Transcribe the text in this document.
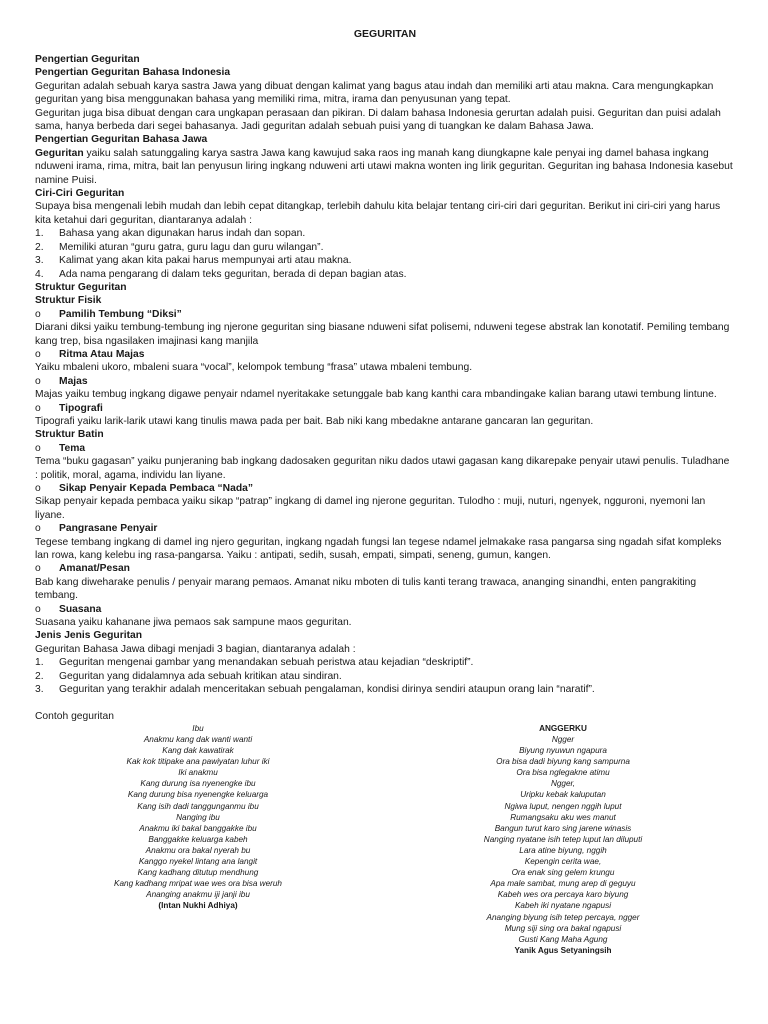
GEGURITAN
Pengertian Geguritan
Pengertian Geguritan Bahasa Indonesia
Geguritan adalah sebuah karya sastra Jawa yang dibuat dengan kalimat yang bagus atau indah dan memiliki arti atau makna. Cara mengungkapkan geguritan yang bisa menggunakan bahasa yang memiliki rima, mitra, irama dan penyusunan yang tepat.
Geguritan juga bisa dibuat dengan cara ungkapan perasaan dan pikiran. Di dalam bahasa Indonesia gerurtan adalah puisi. Geguritan dan puisi adalah sama, hanya berbeda dari segei bahasanya. Jadi geguritan adalah sebuah puisi yang di tuangkan ke dalam Bahasa Jawa.
Pengertian Geguritan Bahasa Jawa
Geguritan yaiku salah satunggaling karya sastra Jawa kang kawujud saka raos ing manah kang diungkapne kale penyai ing damel bahasa ingkang nduweni irama, rima, mitra, bait lan penyusun liring ingkang nduweni arti utawi makna wonten ing lirik geguritan. Geguritan ing bahasa Indonesia kasebut namine Puisi.
Ciri-Ciri Geguritan
Supaya bisa mengenali lebih mudah dan lebih cepat ditangkap, terlebih dahulu kita belajar tentang ciri-ciri dari geguritan. Berikut ini ciri-ciri yang harus kita ketahui dari geguritan, diantaranya adalah :
1.	Bahasa yang akan digunakan harus indah dan sopan.
2.	Memiliki aturan “guru gatra, guru lagu dan guru wilangan”.
3.	Kalimat yang akan kita pakai harus mempunyai arti atau makna.
4.	Ada nama pengarang di dalam teks geguritan, berada di depan bagian atas.
Struktur Geguritan
Struktur Fisik
o	Pamilih Tembung “Diksi”
Diarani diksi yaiku tembung-tembung ing njerone geguritan sing biasane nduweni sifat polisemi, nduweni tegese abstrak lan konotatif. Pemiling tembang kang trep, bisa ngasilaken imajinasi kang manjila
o	Ritma Atau Majas
Yaiku mbaleni ukoro, mbaleni suara “vocal”, kelompok tembung “frasa” utawa mbaleni tembung.
o	Majas
Majas yaiku tembug ingkang digawe penyair ndamel nyeritakake setunggale bab kang kanthi cara mbandingake kalian barang utawi tembung lintune.
o	Tipografi
Tipografi yaiku larik-larik utawi kang tinulis mawa pada per bait. Bab niki kang mbedakne antarane gancaran lan geguritan.
Struktur Batin
o	Tema
Tema “buku gagasan” yaiku punjeraning bab ingkang dadosaken geguritan niku dados utawi gagasan kang dikarepake penyair utawi penulis. Tuladhane : politik, moral, agama, individu lan liyane.
o	Sikap Penyair Kepada Pembaca “Nada”
Sikap penyair kepada pembaca yaiku sikap “patrap” ingkang di damel ing njerone geguritan. Tulodho : muji, nuturi, ngenyek, ngguroni, nyemoni lan liyane.
o	Pangrasane Penyair
Tegese tembang ingkang di damel ing njero geguritan, ingkang ngadah fungsi lan tegese ndamel jelmakake rasa pangarsa sing ngadah sifat kompleks lan rowa, kang kelebu ing rasa-pangarsa. Yaiku : antipati, sedih, susah, empati, simpati, seneng, gumun, kangen.
o	Amanat/Pesan
Bab kang diweharake penulis / penyair marang pemaos. Amanat niku mboten di tulis kanti terang trawaca, ananging sinandhi, enten pangrakiting tembang.
o	Suasana
Suasana yaiku kahanane jiwa pemaos sak sampune maos geguritan.
Jenis Jenis Geguritan
Geguritan Bahasa Jawa dibagi menjadi 3 bagian, diantaranya adalah :
1.	Geguritan mengenai gambar yang menandakan sebuah peristwa atau kejadian “deskriptif”.
2.	Geguritan yang didalamnya ada sebuah kritikan atau sindiran.
3.	Geguritan yang terakhir adalah menceritakan sebuah pengalaman, kondisi dirinya sendiri ataupun orang lain “naratif”.
Contoh geguritan
Ibu
Anakmu kang dak wanti wanti
Kang dak kawatirak
Kak kok titipake ana pawiyatan luhur iki
Iki anakmu
Kang durung isa nyenengke ibu
Kang durung bisa nyenengke keluarga
Kang isih dadi tanggunganmu ibu
Nanging ibu
Anakmu iki bakal banggakke ibu
Banggakke keluarga kabeh
Anakmu ora bakal nyerah bu
Kanggo nyekel lintang ana langit
Kang kadhang ditutup mendhung
Kang kadhang mripat wae wes ora bisa weruh
Ananging anakmu iji janji ibu
(Intan Nukhi Adhiya)
ANGGERKU
Ngger
Biyung nyuwun ngapura
Ora bisa dadi biyung kang sampurna
Ora bisa nglegakne atimu
Ngger,
Uripku kebak kaluputan
Ngiwa luput, nengen nggih luput
Rumangsaku aku wes manut
Bangun turut karo sing jarene winasis
Nanging nyatane isih tetep luput lan diluputi
Lara atine biyung, nggih
Kepengin cerita wae,
Ora enak sing gelem krungu
Apa male sambat, mung arep di geguyu
Kabeh wes ora percaya karo biyung
Kabeh iki nyatane ngapusi
Ananging biyung isih tetep percaya, ngger
Mung siji sing ora bakal ngapusi
Gusti Kang Maha Agung
Yanik Agus Setyaningsih
